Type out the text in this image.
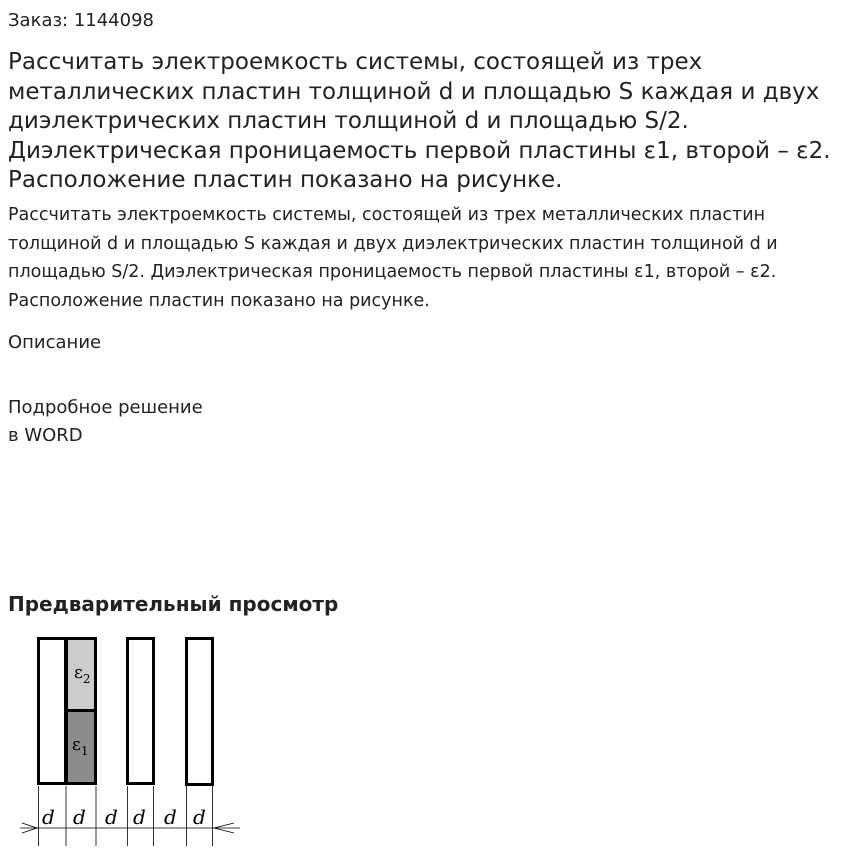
Заказ: 1144098
Рассчитать электроемкость системы, состоящей из трех металлических пластин толщиной d и площадью S каждая и двух диэлектрических пластин толщиной d и площадью S/2. Диэлектрическая проницаемость первой пластины ε1, второй – ε2. Расположение пластин показано на рисунке.

Рассчитать электроемкость системы, состоящей из трех металлических пластин толщиной d и площадью S каждая и двух диэлектрических пластин толщиной d и площадью S/2. Диэлектрическая проницаемость первой пластины ε1, второй – ε2. Расположение пластин показано на рисунке.

Описание
Подробное решение
в WORD
Предварительный просмотр
$\varepsilon_2$
$\varepsilon_1$
d d d d d d
